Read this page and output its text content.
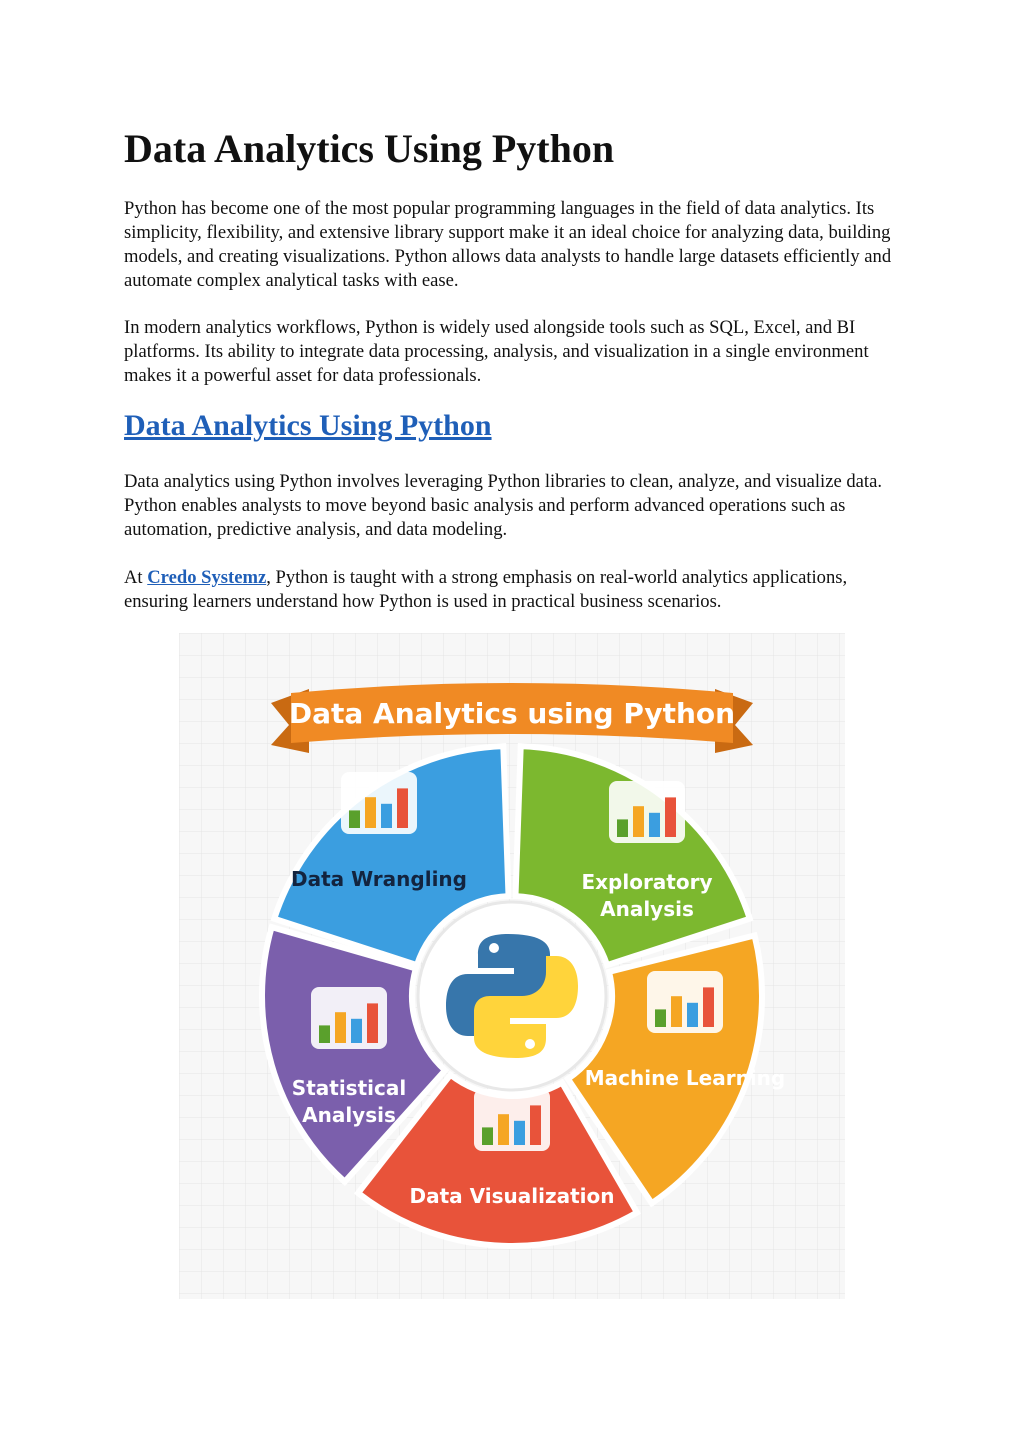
Data Analytics Using Python

Python has become one of the most popular programming languages in the field of data analytics. Its simplicity, flexibility, and extensive library support make it an ideal choice for analyzing data, building models, and creating visualizations. Python allows data analysts to handle large datasets efficiently and automate complex analytical tasks with ease.

In modern analytics workflows, Python is widely used alongside tools such as SQL, Excel, and BI platforms. Its ability to integrate data processing, analysis, and visualization in a single environment makes it a powerful asset for data professionals.

Data Analytics Using Python

Data analytics using Python involves leveraging Python libraries to clean, analyze, and visualize data. Python enables analysts to move beyond basic analysis and perform advanced operations such as automation, predictive analysis, and data modeling.

At Credo Systemz, Python is taught with a strong emphasis on real-world analytics applications, ensuring learners understand how Python is used in practical business scenarios.

Data Wrangling	Exploratory
Analysis
Machine Learning
Data Visualization
Statistical
Analysis
Data Analytics using Python
